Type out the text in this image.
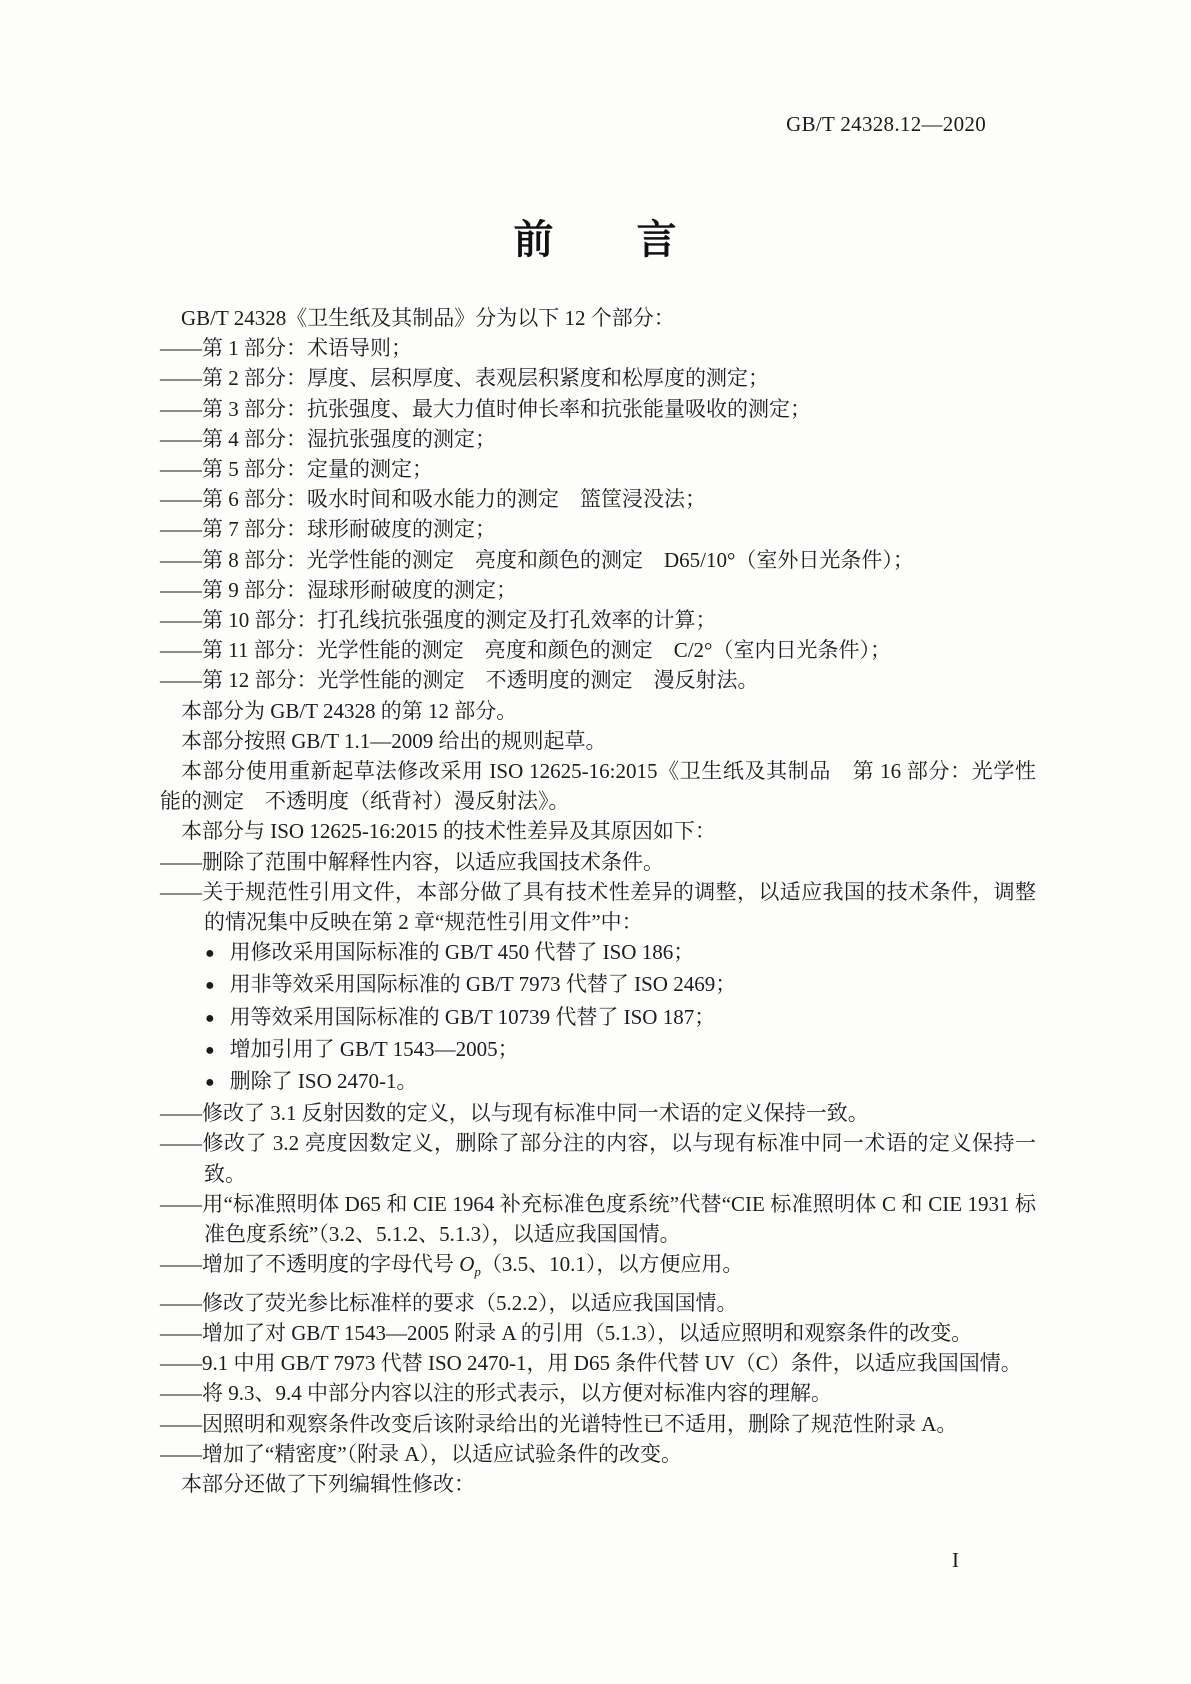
GB/T 24328.12—2020
前　　言

GB/T 24328《卫生纸及其制品》分为以下 12 个部分：

——第 1 部分：术语导则；

——第 2 部分：厚度、层积厚度、表观层积紧度和松厚度的测定；

——第 3 部分：抗张强度、最大力值时伸长率和抗张能量吸收的测定；

——第 4 部分：湿抗张强度的测定；

——第 5 部分：定量的测定；

——第 6 部分：吸水时间和吸水能力的测定　篮筐浸没法；

——第 7 部分：球形耐破度的测定；

——第 8 部分：光学性能的测定　亮度和颜色的测定　D65/10°（室外日光条件）；

——第 9 部分：湿球形耐破度的测定；

——第 10 部分：打孔线抗张强度的测定及打孔效率的计算；

——第 11 部分：光学性能的测定　亮度和颜色的测定　C/2°（室内日光条件）；

——第 12 部分：光学性能的测定　不透明度的测定　漫反射法。

本部分为 GB/T 24328 的第 12 部分。

本部分按照 GB/T 1.1—2009 给出的规则起草。

本部分使用重新起草法修改采用 ISO 12625-16:2015《卫生纸及其制品　第 16 部分：光学性能的测定　不透明度（纸背衬）漫反射法》。

本部分与 ISO 12625-16:2015 的技术性差异及其原因如下：

——删除了范围中解释性内容，以适应我国技术条件。

——关于规范性引用文件，本部分做了具有技术性差异的调整，以适应我国的技术条件，调整的情况集中反映在第 2 章“规范性引用文件”中：

● 用修改采用国际标准的 GB/T 450 代替了 ISO 186；

● 用非等效采用国际标准的 GB/T 7973 代替了 ISO 2469；

● 用等效采用国际标准的 GB/T 10739 代替了 ISO 187；

● 增加引用了 GB/T 1543—2005；

● 删除了 ISO 2470-1。

——修改了 3.1 反射因数的定义，以与现有标准中同一术语的定义保持一致。

——修改了 3.2 亮度因数定义，删除了部分注的内容，以与现有标准中同一术语的定义保持一致。

——用“标准照明体 D65 和 CIE 1964 补充标准色度系统”代替“CIE 标准照明体 C 和 CIE 1931 标准色度系统”（3.2、5.1.2、5.1.3），以适应我国国情。

——增加了不透明度的字母代号 $O_p(3.5$、10.1），以方便应用。

——修改了荧光参比标准样的要求（5.2.2），以适应我国国情。

——增加了对 GB/T 1543—2005 附录 A 的引用（5.1.3），以适应照明和观察条件的改变。

——9.1 中用 GB/T 7973 代替 ISO 2470-1，用 D65 条件代替 UV（C）条件，以适应我国国情。

——将 9.3、9.4 中部分内容以注的形式表示，以方便对标准内容的理解。

——因照明和观察条件改变后该附录给出的光谱特性已不适用，删除了规范性附录 A。

——增加了“精密度”（附录 A），以适应试验条件的改变。

本部分还做了下列编辑性修改：

I
